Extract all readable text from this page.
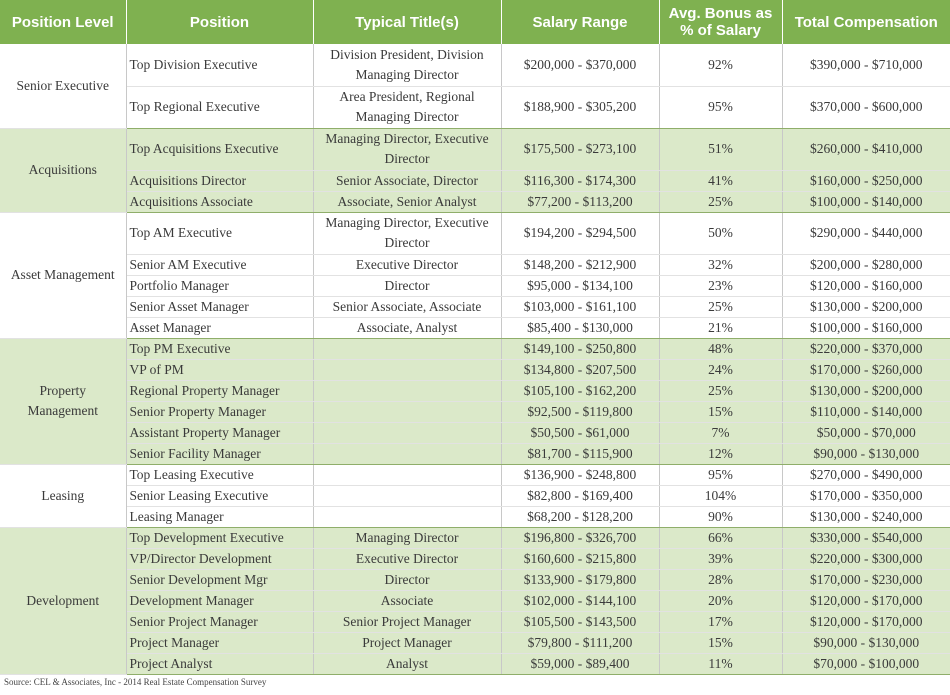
Position Level	Position	Typical Title(s)	Salary Range	Avg. Bonus as % of Salary	Total Compensation
Senior Executive	Top Division Executive	Division President, Division Managing Director	$200,000 - $370,000	92%	$390,000 - $710,000
	Top Regional Executive	Area President, Regional Managing Director	$188,900 - $305,200	95%	$370,000 - $600,000
Acquisitions	Top Acquisitions Executive	Managing Director, Executive Director	$175,500 - $273,100	51%	$260,000 - $410,000
	Acquisitions Director	Senior Associate, Director	$116,300 - $174,300	41%	$160,000 - $250,000
	Acquisitions Associate	Associate, Senior Analyst	$77,200 - $113,200	25%	$100,000 - $140,000
Asset Management	Top AM Executive	Managing Director, Executive Director	$194,200 - $294,500	50%	$290,000 - $440,000
	Senior AM Executive	Executive Director	$148,200 - $212,900	32%	$200,000 - $280,000
	Portfolio Manager	Director	$95,000 - $134,100	23%	$120,000 - $160,000
	Senior Asset Manager	Senior Associate, Associate	$103,000 - $161,100	25%	$130,000 - $200,000
	Asset Manager	Associate, Analyst	$85,400 - $130,000	21%	$100,000 - $160,000
Property Management	Top PM Executive		$149,100 - $250,800	48%	$220,000 - $370,000
	VP of PM		$134,800 - $207,500	24%	$170,000 - $260,000
	Regional Property Manager		$105,100 - $162,200	25%	$130,000 - $200,000
	Senior Property Manager		$92,500 - $119,800	15%	$110,000 - $140,000
	Assistant Property Manager		$50,500 - $61,000	7%	$50,000 - $70,000
	Senior Facility Manager		$81,700 - $115,900	12%	$90,000 - $130,000
Leasing	Top Leasing Executive		$136,900 - $248,800	95%	$270,000 - $490,000
	Senior Leasing Executive		$82,800 - $169,400	104%	$170,000 - $350,000
	Leasing Manager		$68,200 - $128,200	90%	$130,000 - $240,000
Development	Top Development Executive	Managing Director	$196,800 - $326,700	66%	$330,000 - $540,000
	VP/Director Development	Executive Director	$160,600 - $215,800	39%	$220,000 - $300,000
	Senior Development Mgr	Director	$133,900 - $179,800	28%	$170,000 - $230,000
	Development Manager	Associate	$102,000 - $144,100	20%	$120,000 - $170,000
	Senior Project Manager	Senior Project Manager	$105,500 - $143,500	17%	$120,000 - $170,000
	Project Manager	Project Manager	$79,800 - $111,200	15%	$90,000 - $130,000
	Project Analyst	Analyst	$59,000 - $89,400	11%	$70,000 - $100,000
Source: CEL & Associates, Inc - 2014 Real Estate Compensation Survey
